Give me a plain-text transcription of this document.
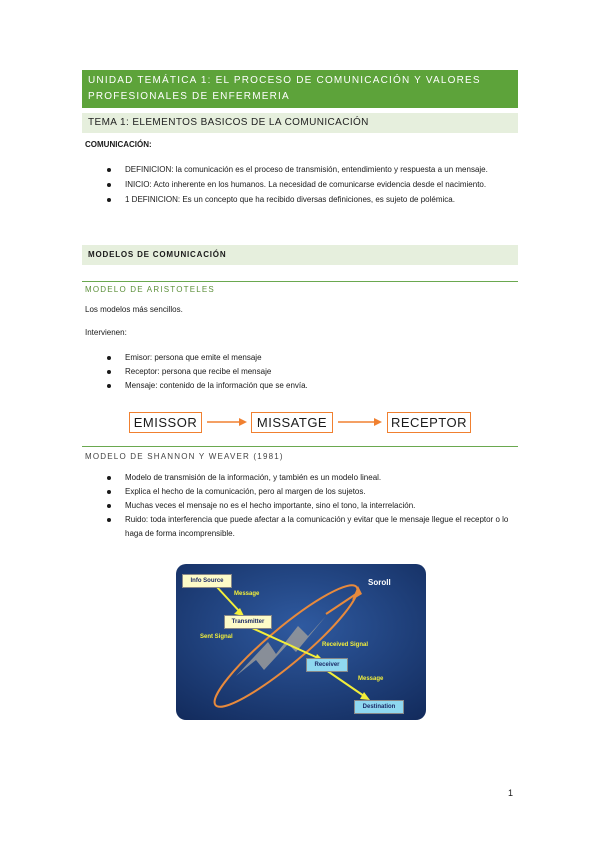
UNIDAD TEMÁTICA 1: EL PROCESO DE COMUNICACIÓN Y VALORES PROFESIONALES DE ENFERMERIA
TEMA 1: ELEMENTOS BASICOS DE LA COMUNICACIÓN
COMUNICACIÓN:
DEFINICION: la comunicación es el proceso de transmisión, entendimiento y respuesta a un mensaje.
INICIO: Acto inherente en los humanos. La necesidad de comunicarse evidencia desde el nacimiento.
1 DEFINICION: Es un concepto que ha recibido diversas definiciones, es sujeto de polémica.
MODELOS DE COMUNICACIÓN
MODELO DE ARISTOTELES
Los modelos más sencillos.
Intervienen:
Emisor: persona que emite el mensaje
Receptor: persona que recibe el mensaje
Mensaje: contenido de la información que se envía.
EMISSOR	MISSATGE	RECEPTOR
MODELO DE SHANNON Y WEAVER (1981)
Modelo de transmisión de la información, y también es un modelo lineal.
Explica el hecho de la comunicación, pero al margen de los sujetos.
Muchas veces el mensaje no es el hecho importante, sino el tono, la interrelación.
Ruido: toda interferencia que puede afectar a la comunicación y evitar que le mensaje llegue el receptor o lo haga de forma incomprensible.
Info Source
Message
Transmitter
Sent Signal
Received Signal
Receiver
Message
Destination
Soroll
1
